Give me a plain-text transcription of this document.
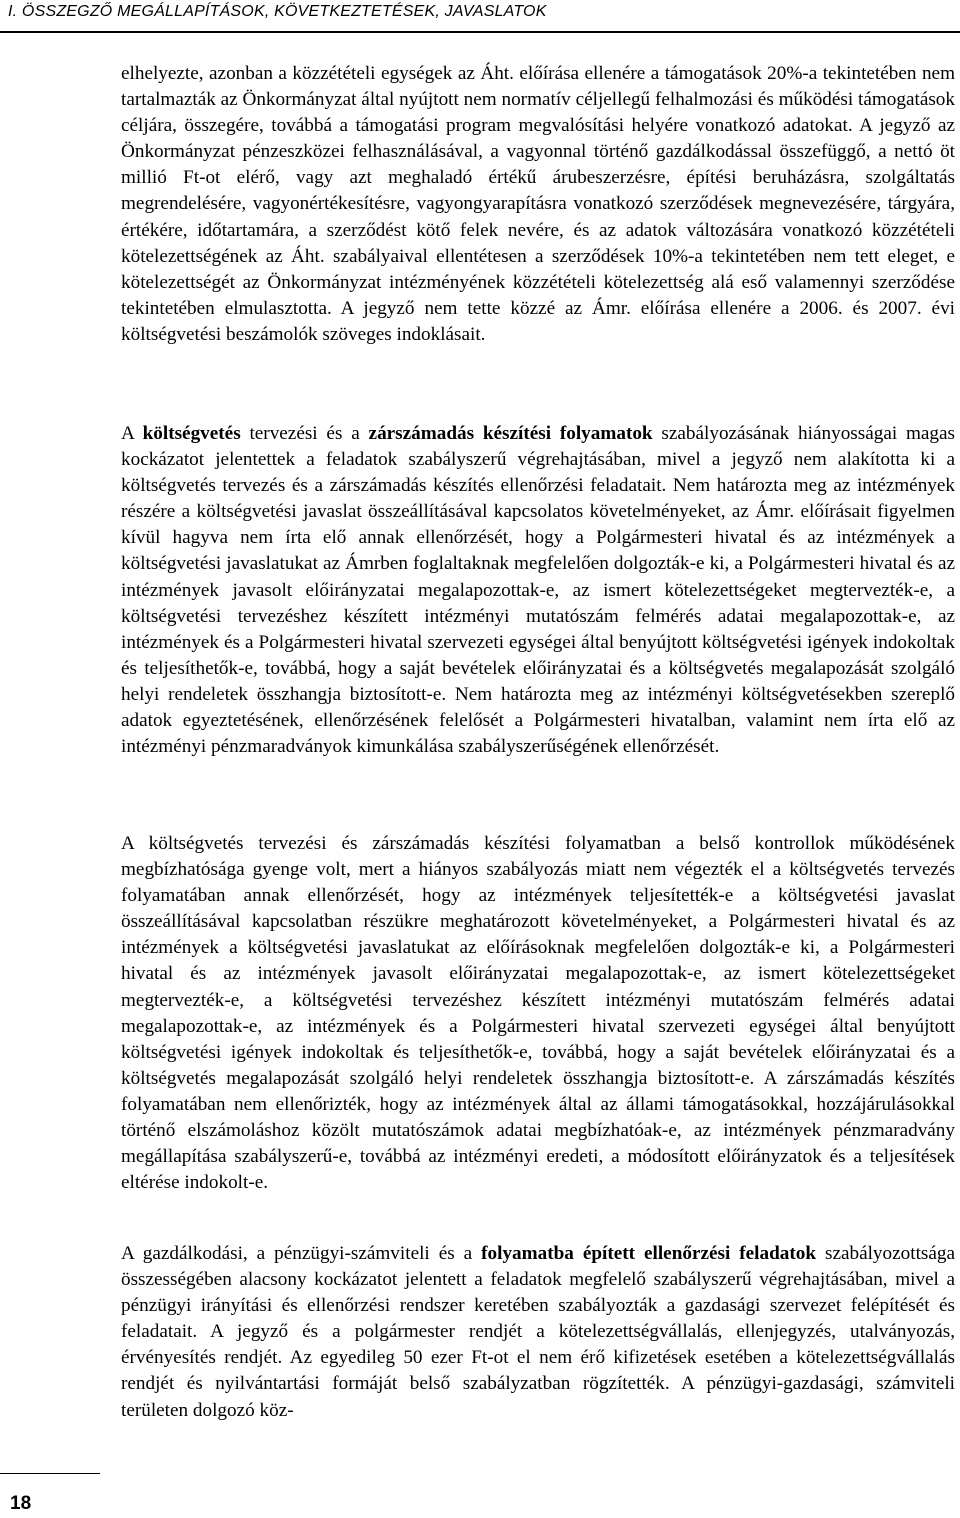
I. ÖSSZEGZŐ MEGÁLLAPÍTÁSOK, KÖVETKEZTETÉSEK, JAVASLATOK

elhelyezte, azonban a közzétételi egységek az Áht. előírása ellenére a támogatások 20%-a tekintetében nem tartalmazták az Önkormányzat által nyújtott nem normatív céljellegű felhalmozási és működési támogatások céljára, összegére, továbbá a támogatási program megvalósítási helyére vonatkozó adatokat. A jegyző az Önkormányzat pénzeszközei felhasználásával, a vagyonnal történő gazdálkodással összefüggő, a nettó öt millió Ft-ot elérő, vagy azt meghaladó értékű árubeszerzésre, építési beruházásra, szolgáltatás megrendelésére, vagyonértékesítésre, vagyongyarapításra vonatkozó szerződések megnevezésére, tárgyára, értékére, időtartamára, a szerződést kötő felek nevére, és az adatok változására vonatkozó közzétételi kötelezettségének az Áht. szabályaival ellentétesen a szerződések 10%-a tekintetében nem tett eleget, e kötelezettségét az Önkormányzat intézményének közzétételi kötelezettség alá eső valamennyi szerződése tekintetében elmulasztotta. A jegyző nem tette közzé az Ámr. előírása ellenére a 2006. és 2007. évi költségvetési beszámolók szöveges indoklásait.

A költségvetés tervezési és a zárszámadás készítési folyamatok szabályozásának hiányosságai magas kockázatot jelentettek a feladatok szabályszerű végrehajtásában, mivel a jegyző nem alakította ki a költségvetés tervezés és a zárszámadás készítés ellenőrzési feladatait. Nem határozta meg az intézmények részére a költségvetési javaslat összeállításával kapcsolatos követelményeket, az Ámr. előírásait figyelmen kívül hagyva nem írta elő annak ellenőrzését, hogy a Polgármesteri hivatal és az intézmények a költségvetési javaslatukat az Ámrben foglaltaknak megfelelően dolgozták-e ki, a Polgármesteri hivatal és az intézmények javasolt előirányzatai megalapozottak-e, az ismert kötelezettségeket megtervezték-e, a költségvetési tervezéshez készített intézményi mutatószám felmérés adatai megalapozottak-e, az intézmények és a Polgármesteri hivatal szervezeti egységei által benyújtott költségvetési igények indokoltak és teljesíthetők-e, továbbá, hogy a saját bevételek előirányzatai és a költségvetés megalapozását szolgáló helyi rendeletek összhangja biztosított-e. Nem határozta meg az intézményi költségvetésekben szereplő adatok egyeztetésének, ellenőrzésének felelősét a Polgármesteri hivatalban, valamint nem írta elő az intézményi pénzmaradványok kimunkálása szabályszerűségének ellenőrzését.

A költségvetés tervezési és zárszámadás készítési folyamatban a belső kontrollok működésének megbízhatósága gyenge volt, mert a hiányos szabályozás miatt nem végezték el a költségvetés tervezés folyamatában annak ellenőrzését, hogy az intézmények teljesítették-e a költségvetési javaslat összeállításával kapcsolatban részükre meghatározott követelményeket, a Polgármesteri hivatal és az intézmények a költségvetési javaslatukat az előírásoknak megfelelően dolgozták-e ki, a Polgármesteri hivatal és az intézmények javasolt előirányzatai megalapozottak-e, az ismert kötelezettségeket megtervezték-e, a költségvetési tervezéshez készített intézményi mutatószám felmérés adatai megalapozottak-e, az intézmények és a Polgármesteri hivatal szervezeti egységei által benyújtott költségvetési igények indokoltak és teljesíthetők-e, továbbá, hogy a saját bevételek előirányzatai és a költségvetés megalapozását szolgáló helyi rendeletek összhangja biztosított-e. A zárszámadás készítés folyamatában nem ellenőrizték, hogy az intézmények által az állami támogatásokkal, hozzájárulásokkal történő elszámoláshoz közölt mutatószámok adatai megbízhatóak-e, az intézmények pénzmaradvány megállapítása szabályszerű-e, továbbá az intézményi eredeti, a módosított előirányzatok és a teljesítések eltérése indokolt-e.

A gazdálkodási, a pénzügyi-számviteli és a folyamatba épített ellenőrzési feladatok szabályozottsága összességében alacsony kockázatot jelentett a feladatok megfelelő szabályszerű végrehajtásában, mivel a pénzügyi irányítási és ellenőrzési rendszer keretében szabályozták a gazdasági szervezet felépítését és feladatait. A jegyző és a polgármester rendjét a kötelezettségvállalás, ellenjegyzés, utalványozás, érvényesítés rendjét. Az egyedileg 50 ezer Ft-ot el nem érő kifizetések esetében a kötelezettségvállalás rendjét és nyilvántartási formáját belső szabályzatban rögzítették. A pénzügyi-gazdasági, számviteli területen dolgozó köz-

18
